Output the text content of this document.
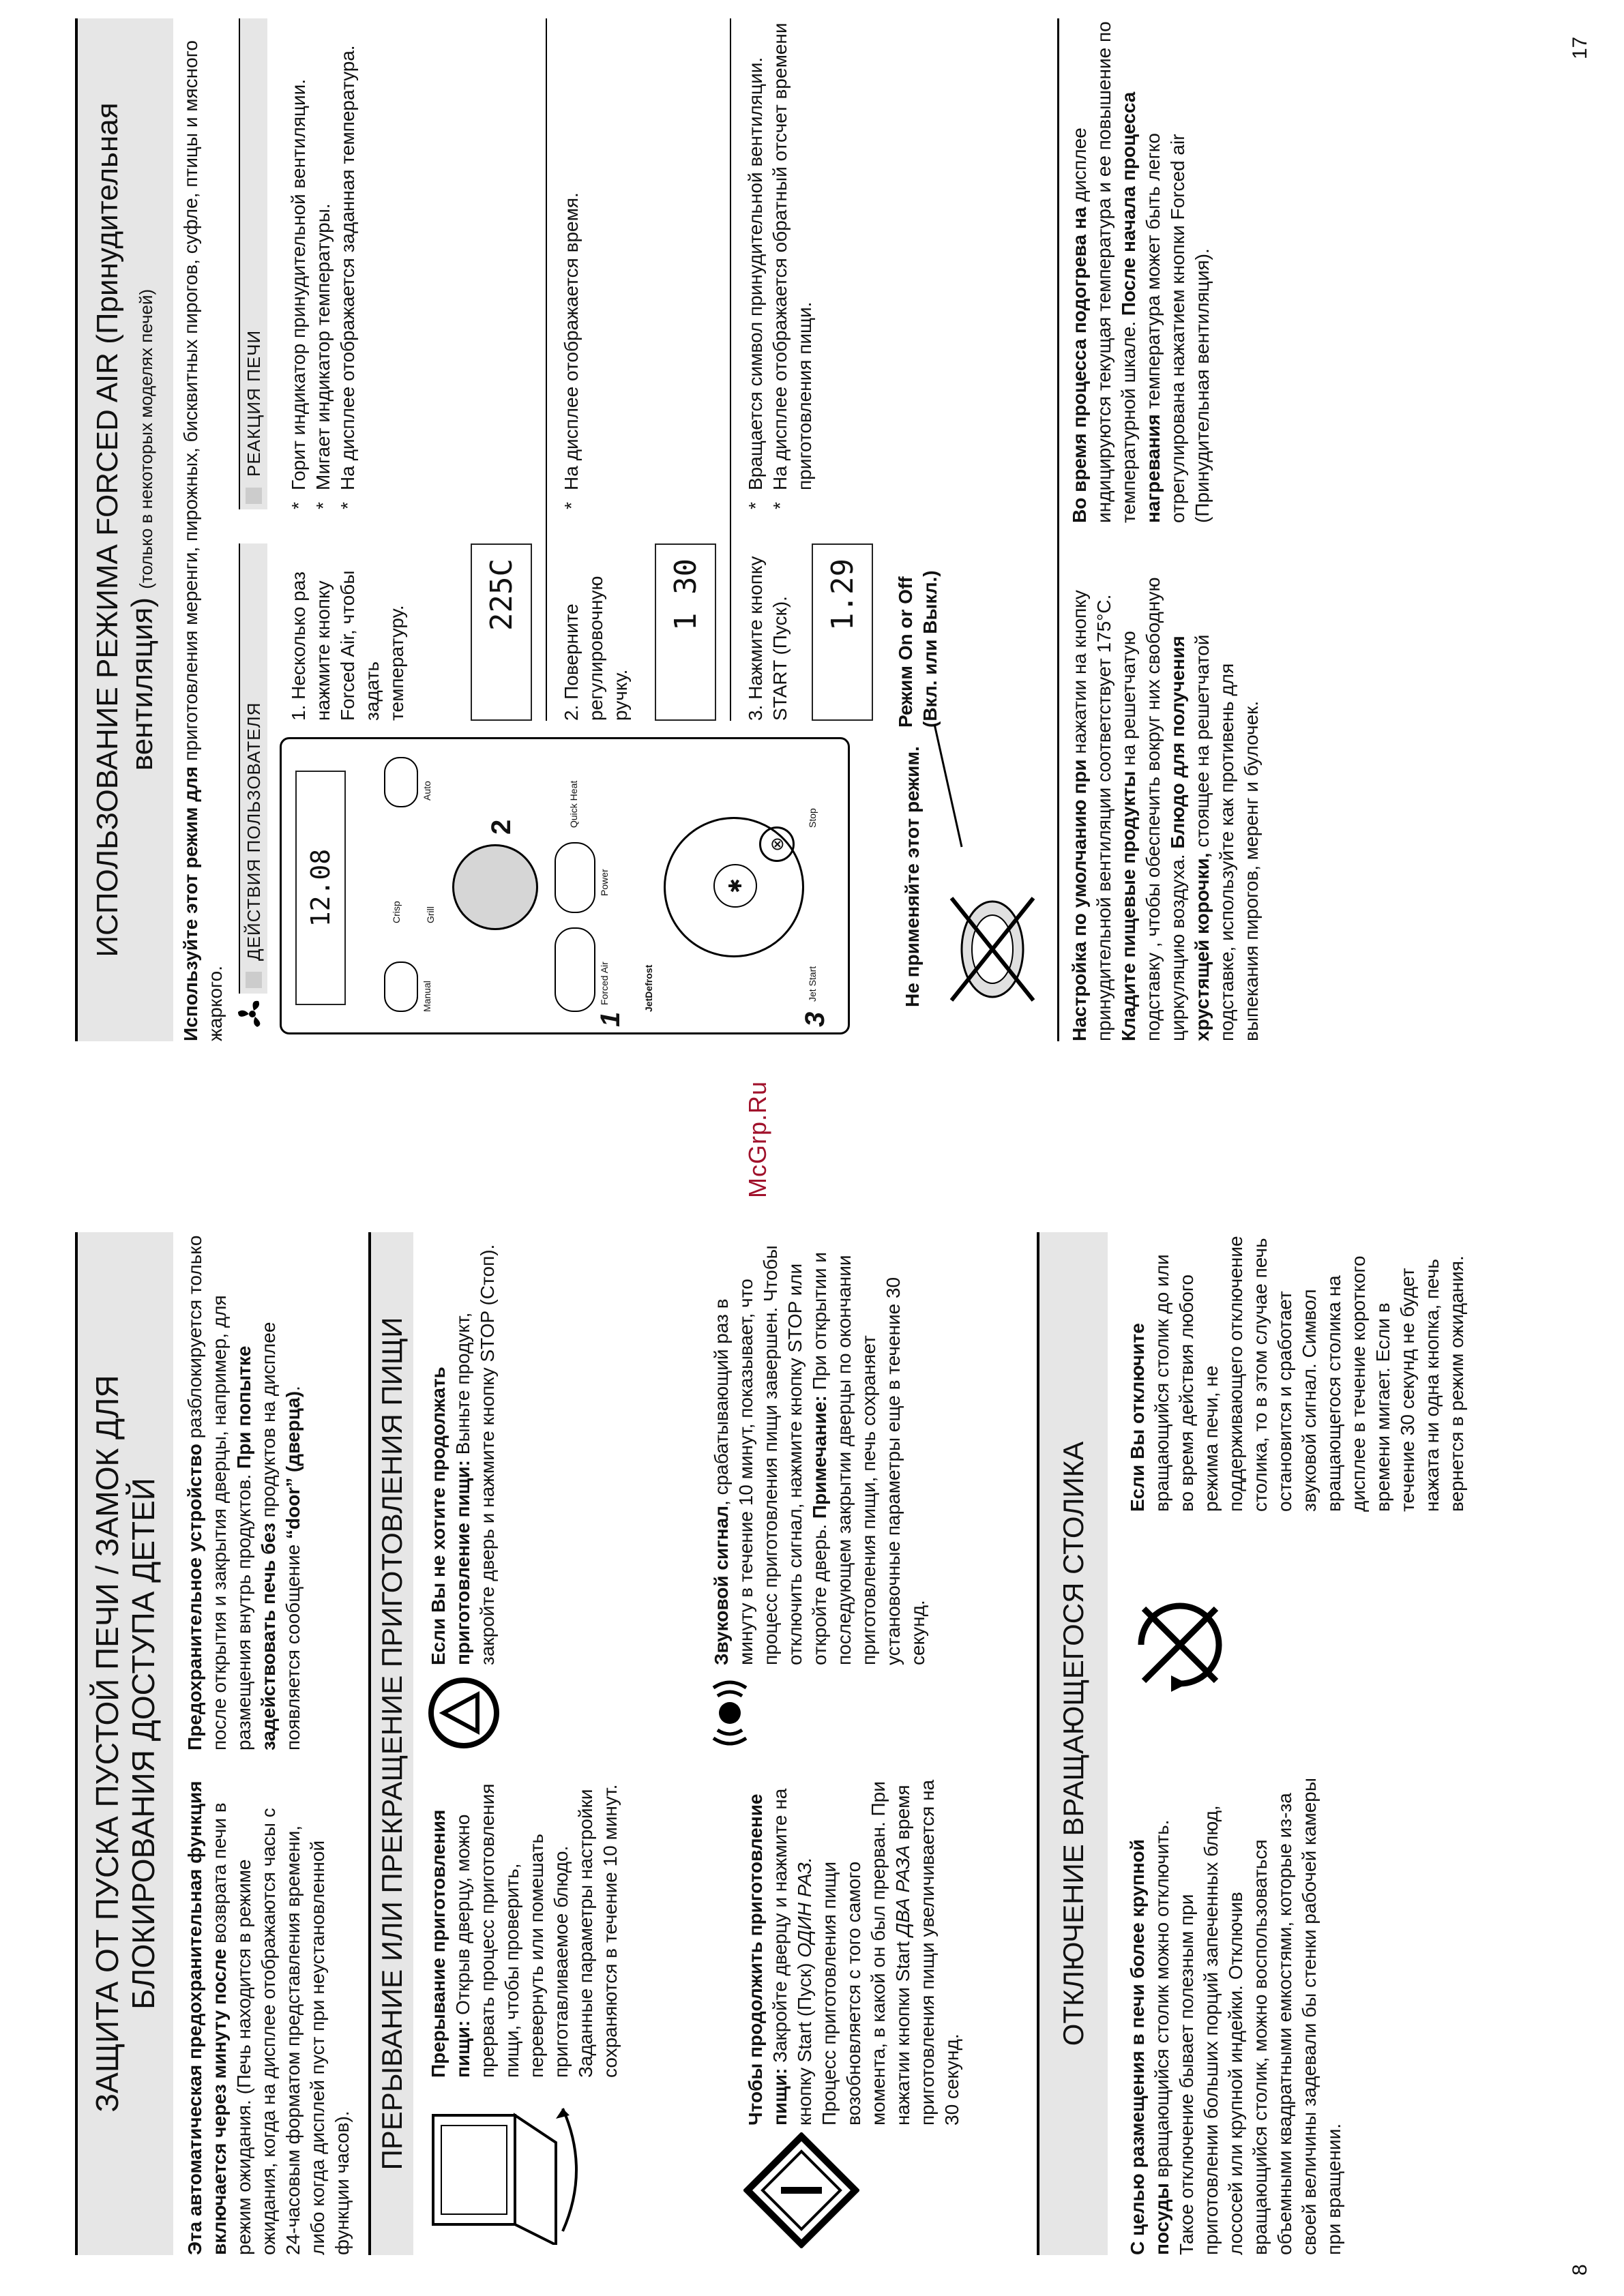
ЗАЩИТА ОТ ПУСКА ПУСТОЙ ПЕЧИ / ЗАМОК ДЛЯ БЛОКИРОВАНИЯ ДОСТУПА ДЕТЕЙ
Эта автоматическая предохранительная функция включается через минуту после возврата печи в режим ожидания. (Печь находится в режиме ожидания, когда на дисплее отображаются часы с 24-часовым форматом представления времени, либо когда дисплей пуст при неустановленной функции часов).
Предохранительное устройство разблокируется только после открытия и закрытия дверцы, например, для размещения внутрь продуктов. При попытке задействовать печь без продуктов на дисплее появляется сообщение “door” (дверца).	ПРЕРЫВАНИЕ ИЛИ ПРЕКРАЩЕНИЕ ПРИГОТОВЛЕНИЯ ПИЩИ Прерывание приготовления пищи: Открыв дверцу, можно прервать процесс приготовления пищи, чтобы проверить, перевернуть или помешать приготавливаемое блюдо. Заданные параметры настройки сохраняются в течение 10 минут.	Чтобы продолжить приготовление пищи: Закройте дверцу и нажмите на кнопку Start (Пуск) ОДИН РАЗ. Процесс приготовления пищи возобновляется с того самого момента, в какой он был прерван. При нажатии кнопки Start ДВА РАЗА время приготовления пищи увеличивается на 30 секунд.
Если Вы не хотите продолжать приготовление пищи: Выньте продукт, закройте дверь и нажмите кнопку STOP (Стоп).	Звуковой сигнал, срабатывающий раз в минуту в течение 10 минут, показывает, что процесс приготовления пищи завершен. Чтобы отключить сигнал, нажмите кнопку STOP или откройте дверь. Примечание: При открытии и последующем закрытии дверцы по окончании приготовления пищи, печь сохраняет установочные параметры еще в течение 30 секунд.	ОТКЛЮЧЕНИЕ ВРАЩАЮЩЕГОСЯ СТОЛИКА
С целью размещения в печи более крупной посуды вращающийся столик можно отключить. Такое отключение бывает полезным при приготовлении больших порций запеченных блюд, лососей или крупной индейки. Отключив вращающийся столик, можно воспользоваться объемными квадратными емкостями, которые из-за своей величины задевали бы стенки рабочей камеры при вращении.
Если Вы отключите вращающийся столик до или во время действия любого режима печи, не поддерживающего отключение столика, то в этом случае печь остановится и сработает звуковой сигнал. Символ вращающегося столика на дисплее в течение короткого времени мигает. Если в течение 30 секунд не будет нажата ни одна кнопка, печь вернется в режим ожидания.
8
McGrp.Ru
ИСПОЛЬЗОВАНИЕ РЕЖИМА FORCED AIR (Принудительная вентиляция) (только в некоторых моделях печей)
Используйте этот режим для приготовления меренги, пирожных, бисквитных пирогов, суфле, птицы и мясного жаркого.
ДЕЙСТВИЯ ПОЛЬЗОВАТЕЛЯ
РЕАКЦИЯ ПЕЧИ
12.08
Manual
Crisp Grill
Auto
2
Forced Air
1
Power
Quick Heat
JetDefrost
✱
Jet Start
Stop
3
⊗
1. Несколько раз нажмите кнопку Forced Air, чтобы задать температуру.
225C
* Горит индикатор принудительной вентиляции. * Мигает индикатор температуры. * На дисплее отображается заданная температура.
2. Поверните регулировочную ручку.
1 30
* На дисплее отображается время.
3. Нажмите кнопку START (Пуск).
1.29
* Вращается символ принудительной вентиляции. * На дисплее отображается обратный отсчет времени приготовления пищи.
Режим On or Off (Вкл. или Выкл.)
Не применяйте этот режим.	Настройка по умолчанию при нажатии на кнопку принудительной вентиляции соответствует 175°C. Кладите пищевые продукты на решетчатую подставку , чтобы обеспечить вокруг них свободную циркуляцию воздуха. Блюдо для получения хрустящей корочки, стоящее на решетчатой подставке, используйте как противень для выпекания пирогов, меренг и булочек.
Во время процесса подогрева на дисплее индицируются текущая температура и ее повышение по температурной шкале. После начала процесса нагревания температура может быть легко отрегулирована нажатием кнопки Forced air (Принудительная вентиляция).
17
